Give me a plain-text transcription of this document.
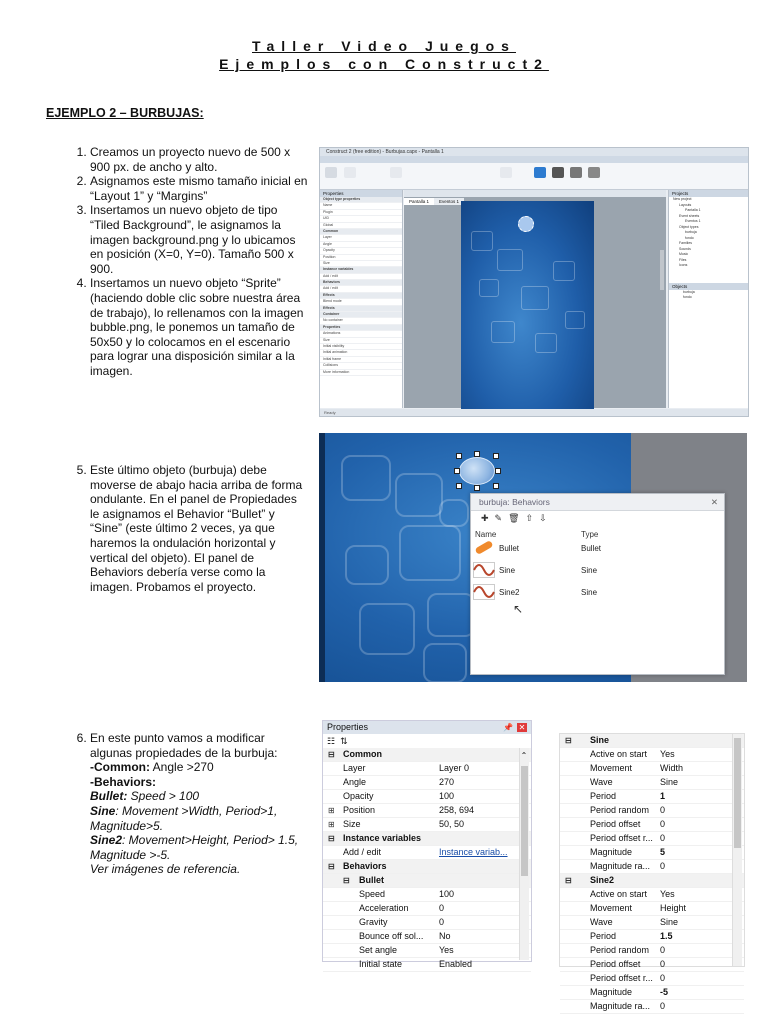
Taller Video Juegos
Ejemplos con Construct2
EJEMPLO 2 – BURBUJAS:
1. Creamos un proyecto nuevo de 500 x 900 px. de ancho y alto.
2. Asignamos este mismo tamaño inicial en “Layout 1” y “Margins”
3. Insertamos un nuevo objeto de tipo “Tiled Background”, le asignamos la imagen background.png y lo ubicamos en posición (X=0, Y=0). Tamaño 500 x 900.
4. Insertamos un nuevo objeto “Sprite” (haciendo doble clic sobre nuestra área de trabajo), lo rellenamos con la imagen bubble.png, le ponemos un tamaño de 50x50 y lo colocamos en el escenario para lograr una disposición similar a la imagen.
Construct 2 (free edition) - Burbujas.capx - Pantalla 1
Properties
Object type properties
Name
Plugin
UID
Global
Common
Layer
Angle
Opacity
Position
Size
Instance variables
Add / edit
Behaviors
Add / edit
Effects
Blend mode
Effects
Container
No container
Properties
Animations
Size
Initial visibility
Initial animation
Initial frame
Collisions
More information
Pantalla 1 Eventos 1
Projects
New project
Layouts
Pantalla 1
Event sheets
Eventos 1
Object types
burbuja
fondo
Families
Sounds
Music
Files
Icons
Objects
burbuja
fondo
Ready
5. Este último objeto (burbuja) debe moverse de abajo hacia arriba de forma ondulante. En el panel de Propiedades le asignamos el Behavior “Bullet” y “Sine” (este último 2 veces, ya que haremos la ondulación horizontal y vertical del objeto). El panel de Behaviors debería verse como la imagen. Probamos el proyecto.
burbuja: Behaviors	✕
✚✎🗑⇧⇩
Name	Type
Bullet	Bullet
Sine	Sine
Sine2	Sine
↖
6. En este punto vamos a modificar algunas propiedades de la burbuja:
-Common: Angle >270
-Behaviors:
Bullet: Speed > 100
Sine: Movement >Width, Period>1, Magnitude>5.
Sine2: Movement>Height, Period> 1.5, Magnitude >-5.
Ver imágenes de referencia.
Properties	📌 ✕
☷ ⇅
⊟ Common
Layer	Layer 0
Angle	270
Opacity	100
⊞ Position	258, 694
⊞ Size	50, 50
⊟ Instance variables
Add / edit	Instance variab...
⊟ Behaviors
⊟ Bullet
Speed	100
Acceleration	0
Gravity	0
Bounce off sol... No
Set angle	Yes
Initial state	Enabled
⌃
⊟ Sine
Active on start Yes
Movement	Width
Wave	Sine
Period	1
Period random 0
Period offset 0
Period offset r... 0
Magnitude	5
Magnitude ra... 0
⊟ Sine2
Active on start Yes
Movement	Height
Wave	Sine
Period	1.5
Period random 0
Period offset 0
Period offset r... 0
Magnitude	-5
Magnitude ra... 0
